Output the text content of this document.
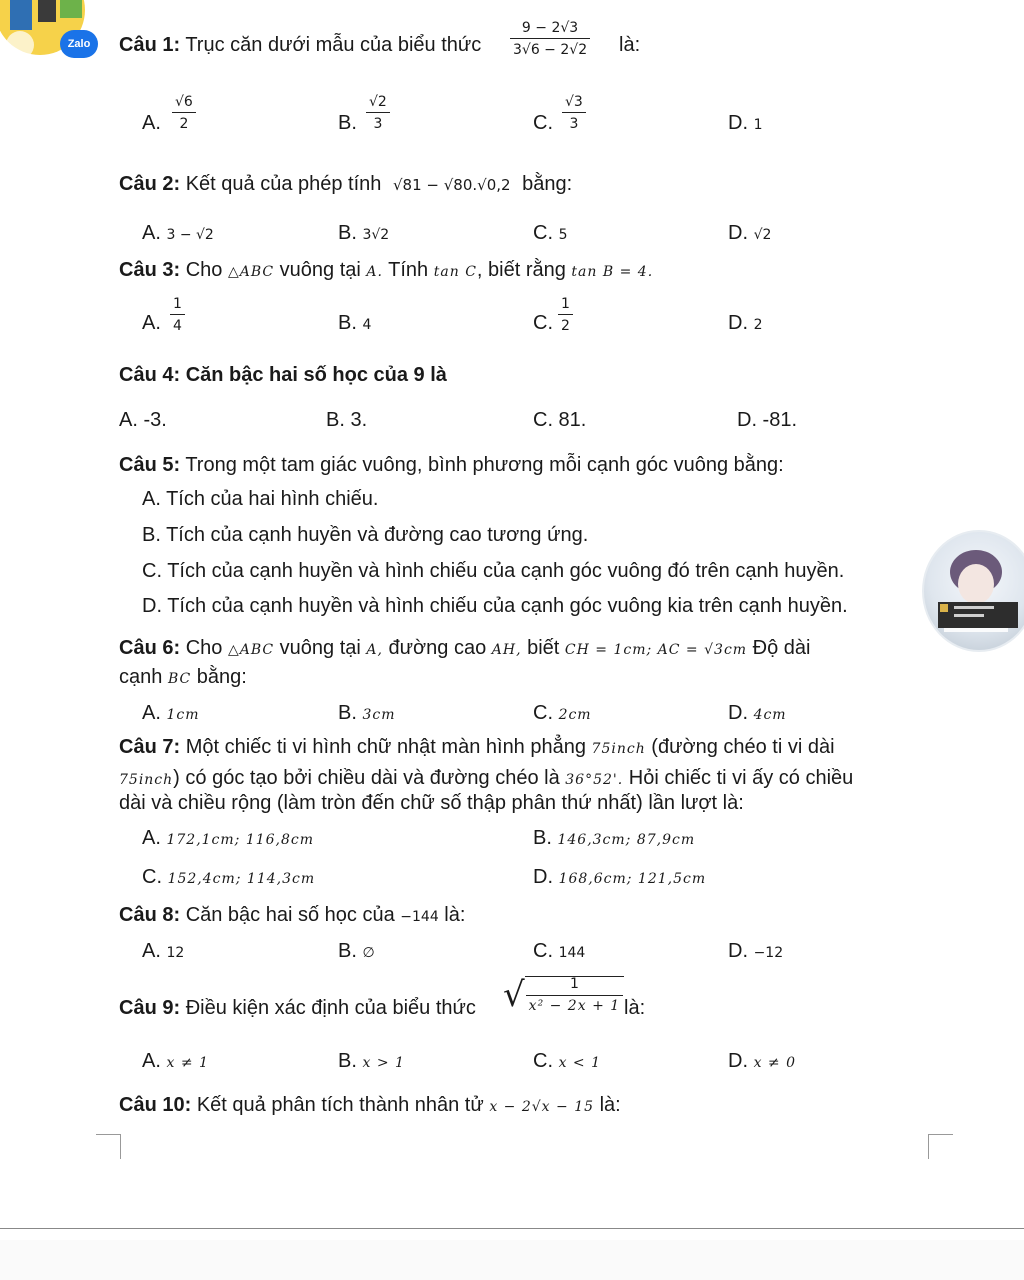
Zalo	Câu 1: Trục căn dưới mẫu của biểu thức $\frac{9 - 2√3}{3√6 - 2√2}$ là:
A. $\frac{√6}{2}$	B. $\frac{√2}{3}$	C. $\frac{√3}{3}$	D. 1
Câu 2: Kết quả của phép tính √81 − √80.√0,2 bằng:
A. 3 − √2	B. 3√2	C. 5	D. √2
Câu 3: Cho △ABC vuông tại A. Tính tan C, biết rằng tan B = 4.
A. $\frac{1}{4}$	B. 4	C. $\frac{1}{2}$	D. 2
Câu 4: Căn bậc hai số học của 9 là
A. -3.	B. 3.	C. 81.	D. -81.
Câu 5: Trong một tam giác vuông, bình phương mỗi cạnh góc vuông bằng:
A. Tích của hai hình chiếu.
B. Tích của cạnh huyền và đường cao tương ứng.
C. Tích của cạnh huyền và hình chiếu của cạnh góc vuông đó trên cạnh huyền.
D. Tích của cạnh huyền và hình chiếu của cạnh góc vuông kia trên cạnh huyền.
Câu 6: Cho △ABC vuông tại A, đường cao AH, biết CH = 1cm; AC = √3cm Độ dài
cạnh BC bằng:
A. 1cm	B. 3cm	C. 2cm	D. 4cm
Câu 7: Một chiếc ti vi hình chữ nhật màn hình phẳng 75inch (đường chéo ti vi dài
75inch) có góc tạo bởi chiều dài và đường chéo là 36°52'. Hỏi chiếc ti vi ấy có chiều
dài và chiều rộng (làm tròn đến chữ số thập phân thứ nhất) lần lượt là:
A. 172,1cm; 116,8cm	B. 146,3cm; 87,9cm
C. 152,4cm; 114,3cm	D. 168,6cm; 121,5cm
Câu 8: Căn bậc hai số học của −144 là:
A. 12	B. ∅	C. 144	D. −12
Câu 9: Điều kiện xác định của biểu thức √ $\frac{1}{\text{x² − 2x + 1}}$ là:
A. x ≠ 1	B. x > 1	C. x < 1	D. x ≠ 0
Câu 10: Kết quả phân tích thành nhân tử x − 2√x − 15 là:
